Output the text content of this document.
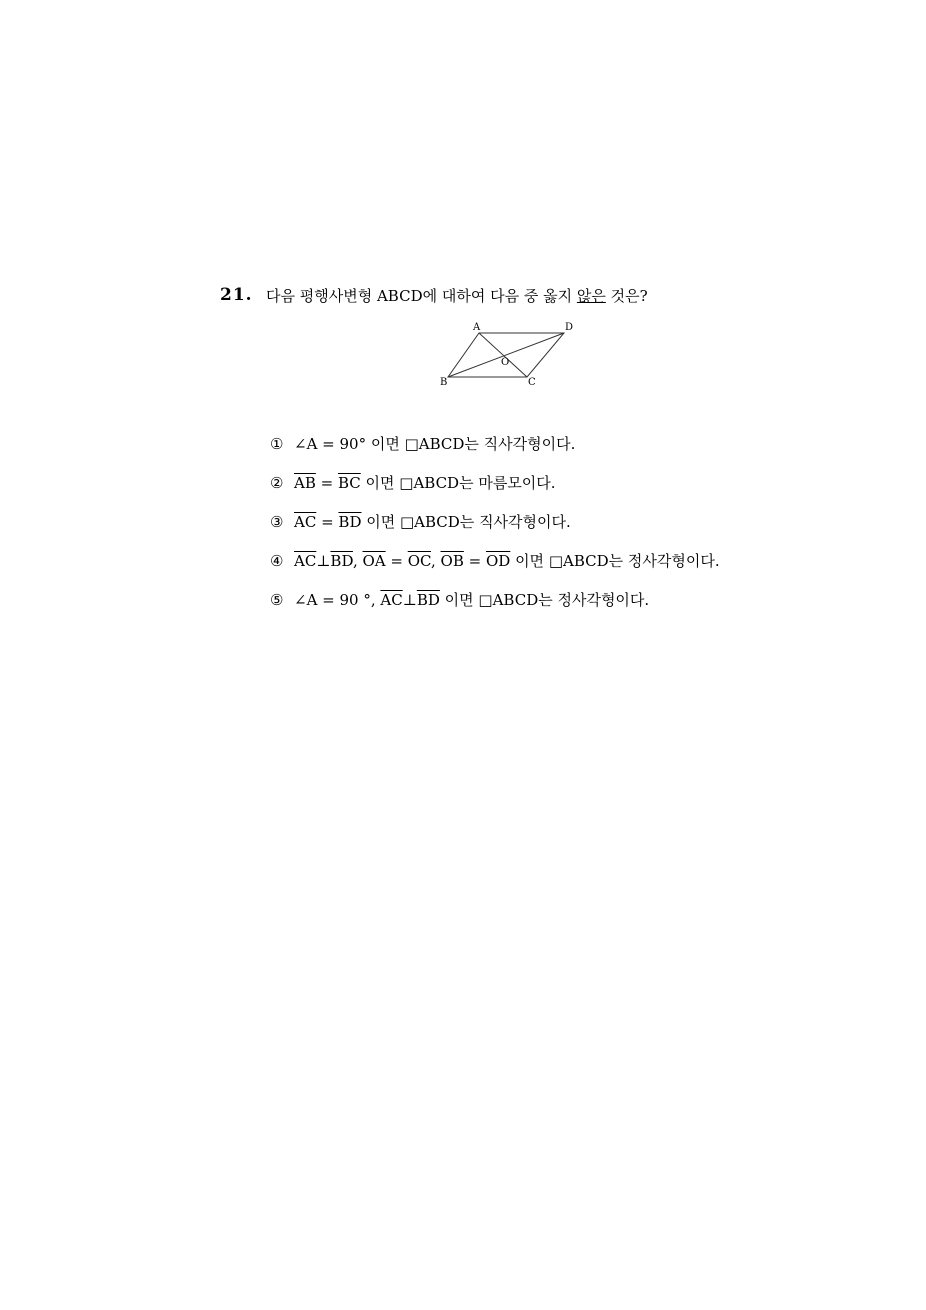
21. 다음 평행사변형 ABCD에 대하여 다음 중 옳지 않은 것은?
A	D
B	C
O
① ∠A = 90° 이면 □ABCD는 직사각형이다.
② $\overline{AB} = \overline{BC}$ 이면 □ABCD는 마름모이다.
③ $\overline{AC} = \overline{BD}$ 이면 □ABCD는 직사각형이다.
④ $\overline{AC}\perp\overline{BD}$, $\overline{OA} = \overline{OC}$, $\overline{OB} = \overline{OD}$ 이면 □ABCD는 정사각형이다.
⑤ ∠A = 90 °, $\overline{AC}\perp\overline{BD}$ 이면 □ABCD는 정사각형이다.
